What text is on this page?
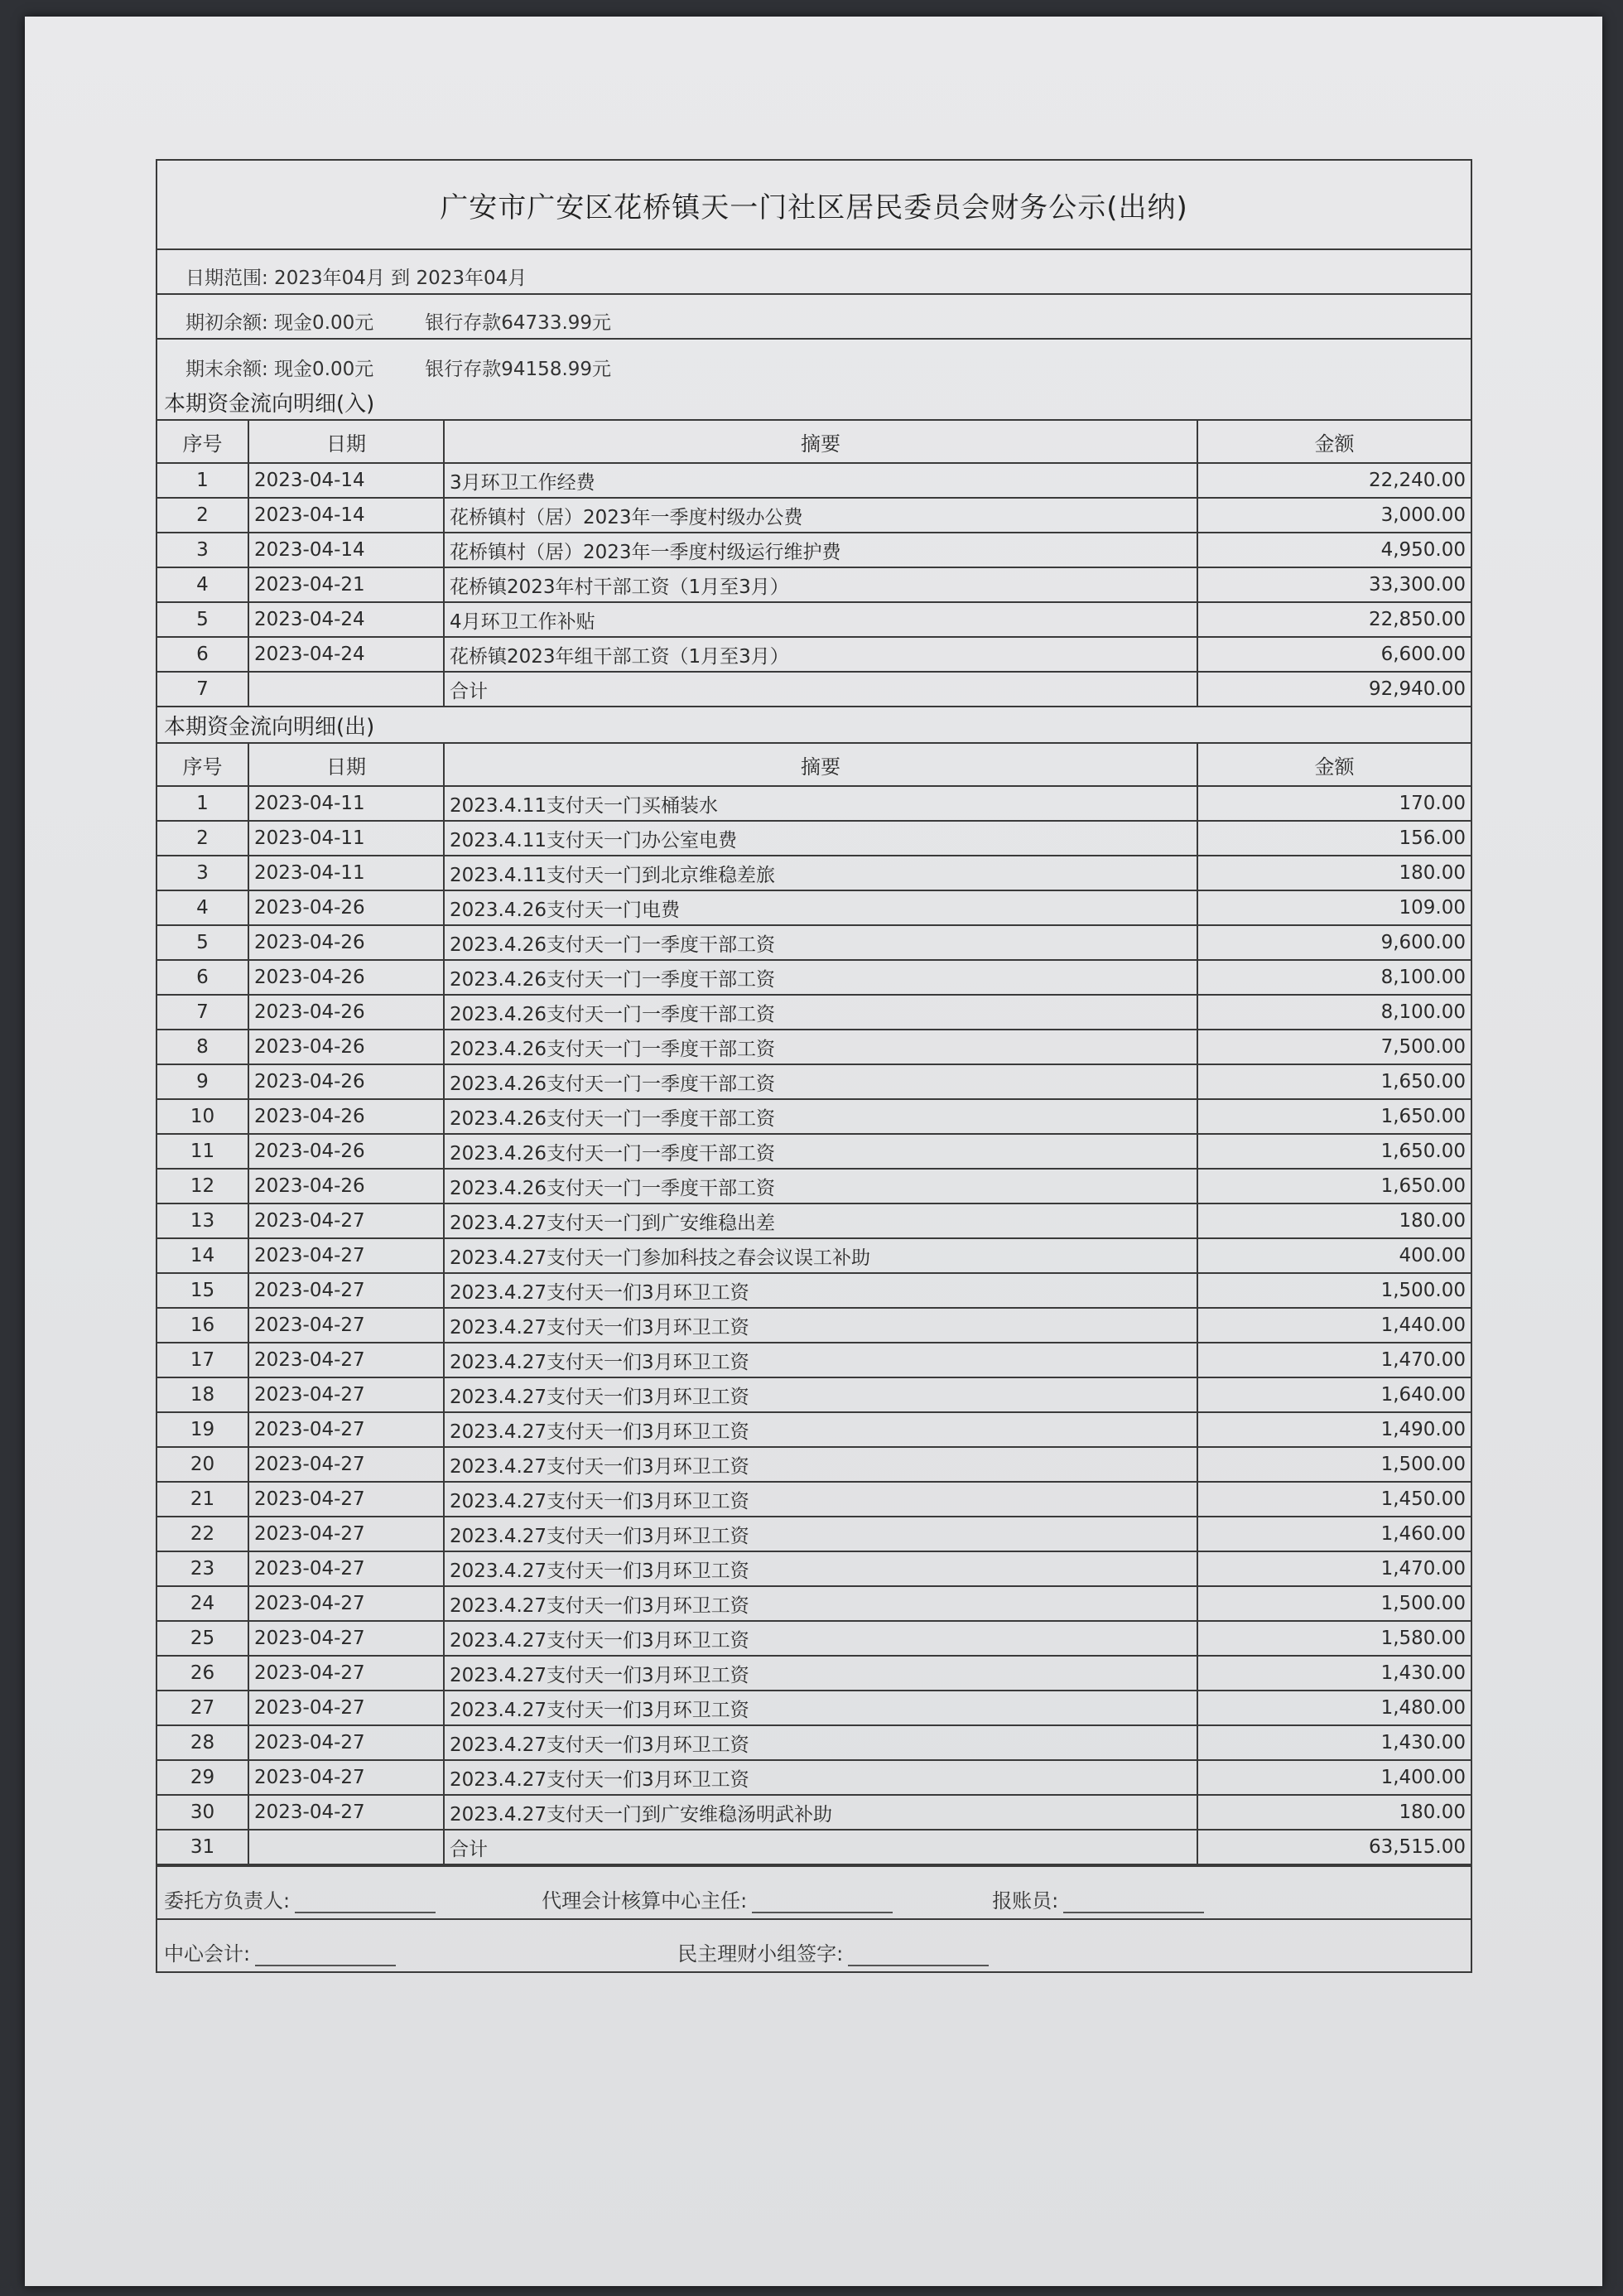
广安市广安区花桥镇天一门社区居民委员会财务公示(出纳)
日期范围: 2023年04月 到 2023年04月
期初余额: 现金0.00元	银行存款64733.99元
期末余额: 现金0.00元	银行存款94158.99元
本期资金流向明细(入)
序号	日期	摘要	金额
1	2023-04-14	3月环卫工作经费	22,240.00
2	2023-04-14	花桥镇村（居）2023年一季度村级办公费	3,000.00
3	2023-04-14	花桥镇村（居）2023年一季度村级运行维护费	4,950.00
4	2023-04-21	花桥镇2023年村干部工资（1月至3月）	33,300.00
5	2023-04-24	4月环卫工作补贴	22,850.00
6	2023-04-24	花桥镇2023年组干部工资（1月至3月）	6,600.00
7		合计	92,940.00
本期资金流向明细(出)
序号	日期	摘要	金额
1	2023-04-11	2023.4.11支付天一门买桶装水	170.00
2	2023-04-11	2023.4.11支付天一门办公室电费	156.00
3	2023-04-11	2023.4.11支付天一门到北京维稳差旅	180.00
4	2023-04-26	2023.4.26支付天一门电费	109.00
5	2023-04-26	2023.4.26支付天一门一季度干部工资	9,600.00
6	2023-04-26	2023.4.26支付天一门一季度干部工资	8,100.00
7	2023-04-26	2023.4.26支付天一门一季度干部工资	8,100.00
8	2023-04-26	2023.4.26支付天一门一季度干部工资	7,500.00
9	2023-04-26	2023.4.26支付天一门一季度干部工资	1,650.00
10	2023-04-26	2023.4.26支付天一门一季度干部工资	1,650.00
11	2023-04-26	2023.4.26支付天一门一季度干部工资	1,650.00
12	2023-04-26	2023.4.26支付天一门一季度干部工资	1,650.00
13	2023-04-27	2023.4.27支付天一门到广安维稳出差	180.00
14	2023-04-27	2023.4.27支付天一门参加科技之春会议误工补助	400.00
15	2023-04-27	2023.4.27支付天一们3月环卫工资	1,500.00
16	2023-04-27	2023.4.27支付天一们3月环卫工资	1,440.00
17	2023-04-27	2023.4.27支付天一们3月环卫工资	1,470.00
18	2023-04-27	2023.4.27支付天一们3月环卫工资	1,640.00
19	2023-04-27	2023.4.27支付天一们3月环卫工资	1,490.00
20	2023-04-27	2023.4.27支付天一们3月环卫工资	1,500.00
21	2023-04-27	2023.4.27支付天一们3月环卫工资	1,450.00
22	2023-04-27	2023.4.27支付天一们3月环卫工资	1,460.00
23	2023-04-27	2023.4.27支付天一们3月环卫工资	1,470.00
24	2023-04-27	2023.4.27支付天一们3月环卫工资	1,500.00
25	2023-04-27	2023.4.27支付天一们3月环卫工资	1,580.00
26	2023-04-27	2023.4.27支付天一们3月环卫工资	1,430.00
27	2023-04-27	2023.4.27支付天一们3月环卫工资	1,480.00
28	2023-04-27	2023.4.27支付天一们3月环卫工资	1,430.00
29	2023-04-27	2023.4.27支付天一们3月环卫工资	1,400.00
30	2023-04-27	2023.4.27支付天一门到广安维稳汤明武补助	180.00
31		合计	63,515.00
委托方负责人:	代理会计核算中心主任:	报账员:
中心会计:	民主理财小组签字:
